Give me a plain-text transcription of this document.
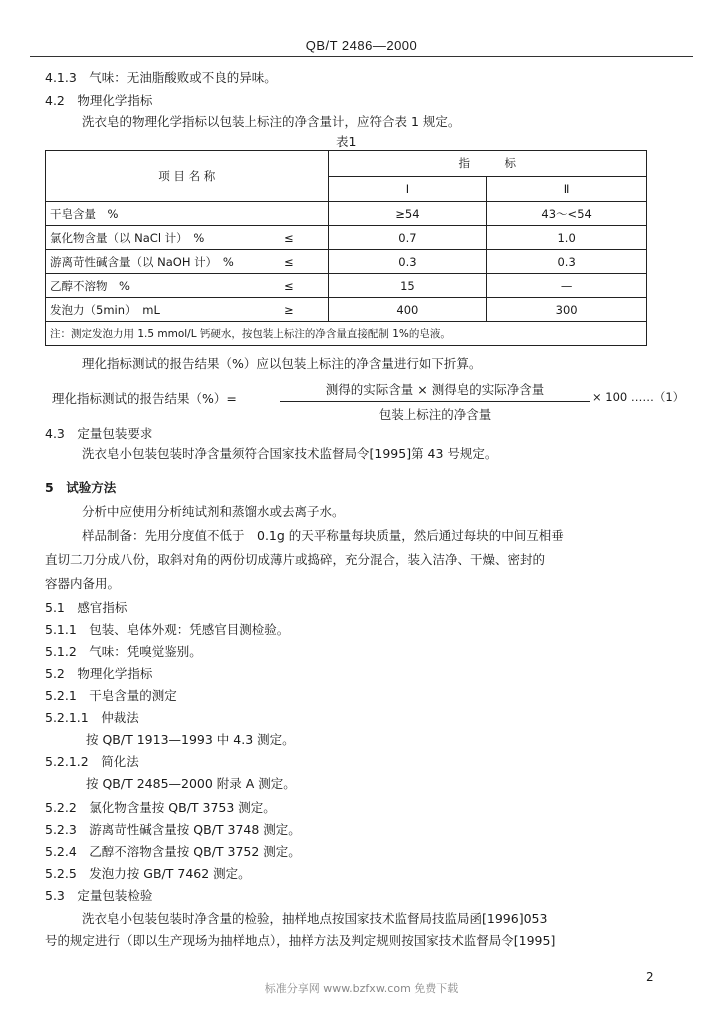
QB/T 2486—2000
4.1.3　气味：无油脂酸败或不良的异味。
4.2　物理化学指标
洗衣皂的物理化学指标以包装上标注的净含量计，应符合表 1 规定。
表1
项 目 名 称		指　　　标	
		Ⅰ	Ⅱ
干皂含量　%		≥54	43～<54
氯化物含量（以 NaCl 计）　%	≤	0.7	1.0
游离苛性碱含量（以 NaOH 计）　%	≤	0.3	0.3
乙醇不溶物　%	≤	15	—
发泡力（5min）　mL	≥	400	300
注：测定发泡力用 1.5 mmol/L 钙硬水，按包装上标注的净含量直接配制 1%的皂液。			
理化指标测试的报告结果（%）应以包装上标注的净含量进行如下折算。
理化指标测试的报告结果（%）=
测得的实际含量 × 测得皂的实际净含量
包装上标注的净含量
× 100 ……（1）
4.3　定量包装要求
洗衣皂小包装包装时净含量须符合国家技术监督局令[1995]第 43 号规定。
5　试验方法
分析中应使用分析纯试剂和蒸馏水或去离子水。
样品制备：先用分度值不低于　0.1g 的天平称量每块质量，然后通过每块的中间互相垂
直切二刀分成八份，取斜对角的两份切成薄片或捣碎，充分混合，装入洁净、干燥、密封的
容器内备用。
5.1　感官指标
5.1.1　包装、皂体外观：凭感官目测检验。
5.1.2　气味：凭嗅觉鉴别。
5.2　物理化学指标
5.2.1　干皂含量的测定
5.2.1.1　仲裁法
按 QB/T 1913—1993 中 4.3 测定。
5.2.1.2　简化法
按 QB/T 2485—2000 附录 A 测定。
5.2.2　氯化物含量按 QB/T 3753 测定。
5.2.3　游离苛性碱含量按 QB/T 3748 测定。
5.2.4　乙醇不溶物含量按 QB/T 3752 测定。
5.2.5　发泡力按 GB/T 7462 测定。
5.3　定量包装检验
洗衣皂小包装包装时净含量的检验，抽样地点按国家技术监督局技监局函[1996]053
号的规定进行（即以生产现场为抽样地点），抽样方法及判定规则按国家技术监督局令[1995]
2
标准分享网 www.bzfxw.com 免费下载
